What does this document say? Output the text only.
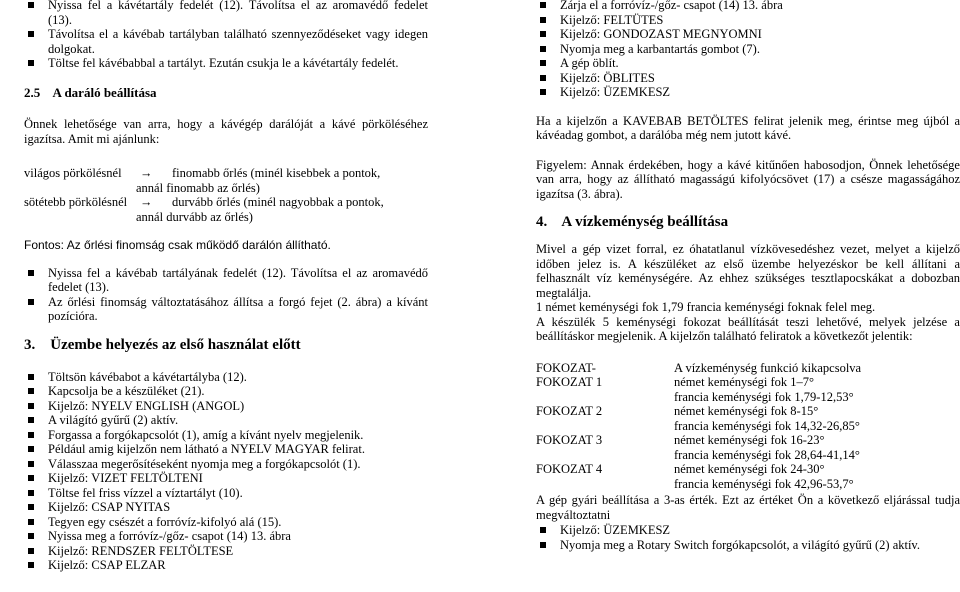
Nyissa fel a kávétartály fedelét (12). Távolítsa el az aromavédő fedelet (13).
Távolítsa el a kávébab tartályban található szennyeződéseket vagy idegen dolgokat.
Töltse fel kávébabbal a tartályt. Ezután csukja le a kávétartály fedelét.
2.5    A daráló beállítása
Önnek lehetősége van arra, hogy a kávégép darálóját a kávé pörköléséhez igazítsa. Amit mi ajánlunk:
világos pörkölésnél →	finomabb őrlés (minél kisebbek a pontok,
annál finomabb az őrlés)
sötétebb pörkölésnél →	durvább őrlés (minél nagyobbak a pontok,
annál durvább az őrlés)
Fontos: Az őrlési finomság csak működő darálón állítható.
Nyissa fel a kávébab tartályának fedelét (12). Távolítsa el az aromavédő fedelet (13).
Az őrlési finomság változtatásához állítsa a forgó fejet (2. ábra) a kívánt pozícióra.
3.    Üzembe helyezés az első használat előtt
Töltsön kávébabot a kávétartályba (12).
Kapcsolja be a készüléket (21).
Kijelző: NYELV ENGLISH (ANGOL)
A világító gyűrű (2) aktív.
Forgassa a forgókapcsolót (1), amíg a kívánt nyelv megjelenik.
Például amig kijelzőn nem látható a NYELV MAGYAR felirat.
Válasszaa megerősítéseként nyomja meg a forgókapcsolót (1).
Kijelző: VIZET FELTÖLTENI
Töltse fel friss vízzel a víztartályt (10).
Kijelző: CSAP NYITAS
Tegyen egy csészét a forróvíz-kifolyó alá (15).
Nyissa meg a forróvíz-/gőz- csapot (14) 13. ábra
Kijelző: RENDSZER FELTÖLTESE
Kijelző: CSAP ELZAR
Zárja el a forróvíz-/gőz- csapot (14) 13. ábra
Kijelző: FELTÜTES
Kijelző: GONDOZAST MEGNYOMNI
Nyomja meg a karbantartás gombot (7).
A gép öblít.
Kijelző: ÖBLITES
Kijelző: ÜZEMKESZ
Ha a kijelzőn a KAVEBAB BETÖLTES felirat jelenik meg, érintse meg újból a kávéadag gombot, a darálóba még nem jutott kávé.
Figyelem: Annak érdekében, hogy a kávé kitűnően habosodjon, Önnek lehetősége van arra, hogy az állítható magasságú kifolyócsövet (17) a csésze magasságához igazítsa (3. ábra).
4.    A vízkeménység beállítása
Mivel a gép vizet forral, ez óhatatlanul vízkövesedéshez vezet, melyet a kijelző időben jelez is. A készüléket az első üzembe helyezéskor be kell állítani a felhasznált víz keménységére. Az ehhez szükséges tesztlapocskákat a dobozban megtalálja.
1 német keménységi fok 1,79 francia keménységi foknak felel meg.
A készülék 5 keménységi fokozat beállítását teszi lehetővé, melyek jelzése a beállításkor megjelenik. A kijelzőn található feliratok a következőt jelentik:
FOKOZAT-	A vízkeménység funkció kikapcsolva
FOKOZAT 1	német keménységi fok 1–7°
francia keménységi fok 1,79-12,53°
FOKOZAT 2	német keménységi fok 8-15°
francia keménységi fok 14,32-26,85°
FOKOZAT 3	német keménységi fok 16-23°
francia keménységi fok 28,64-41,14°
FOKOZAT 4	német keménységi fok 24-30°
francia keménységi fok 42,96-53,7°
A gép gyári beállítása a 3-as érték. Ezt az értéket Ön a következő eljárással tudja megváltoztatni
Kijelző: ÜZEMKESZ
Nyomja meg a Rotary Switch forgókapcsolót, a világító gyűrű (2) aktív.
